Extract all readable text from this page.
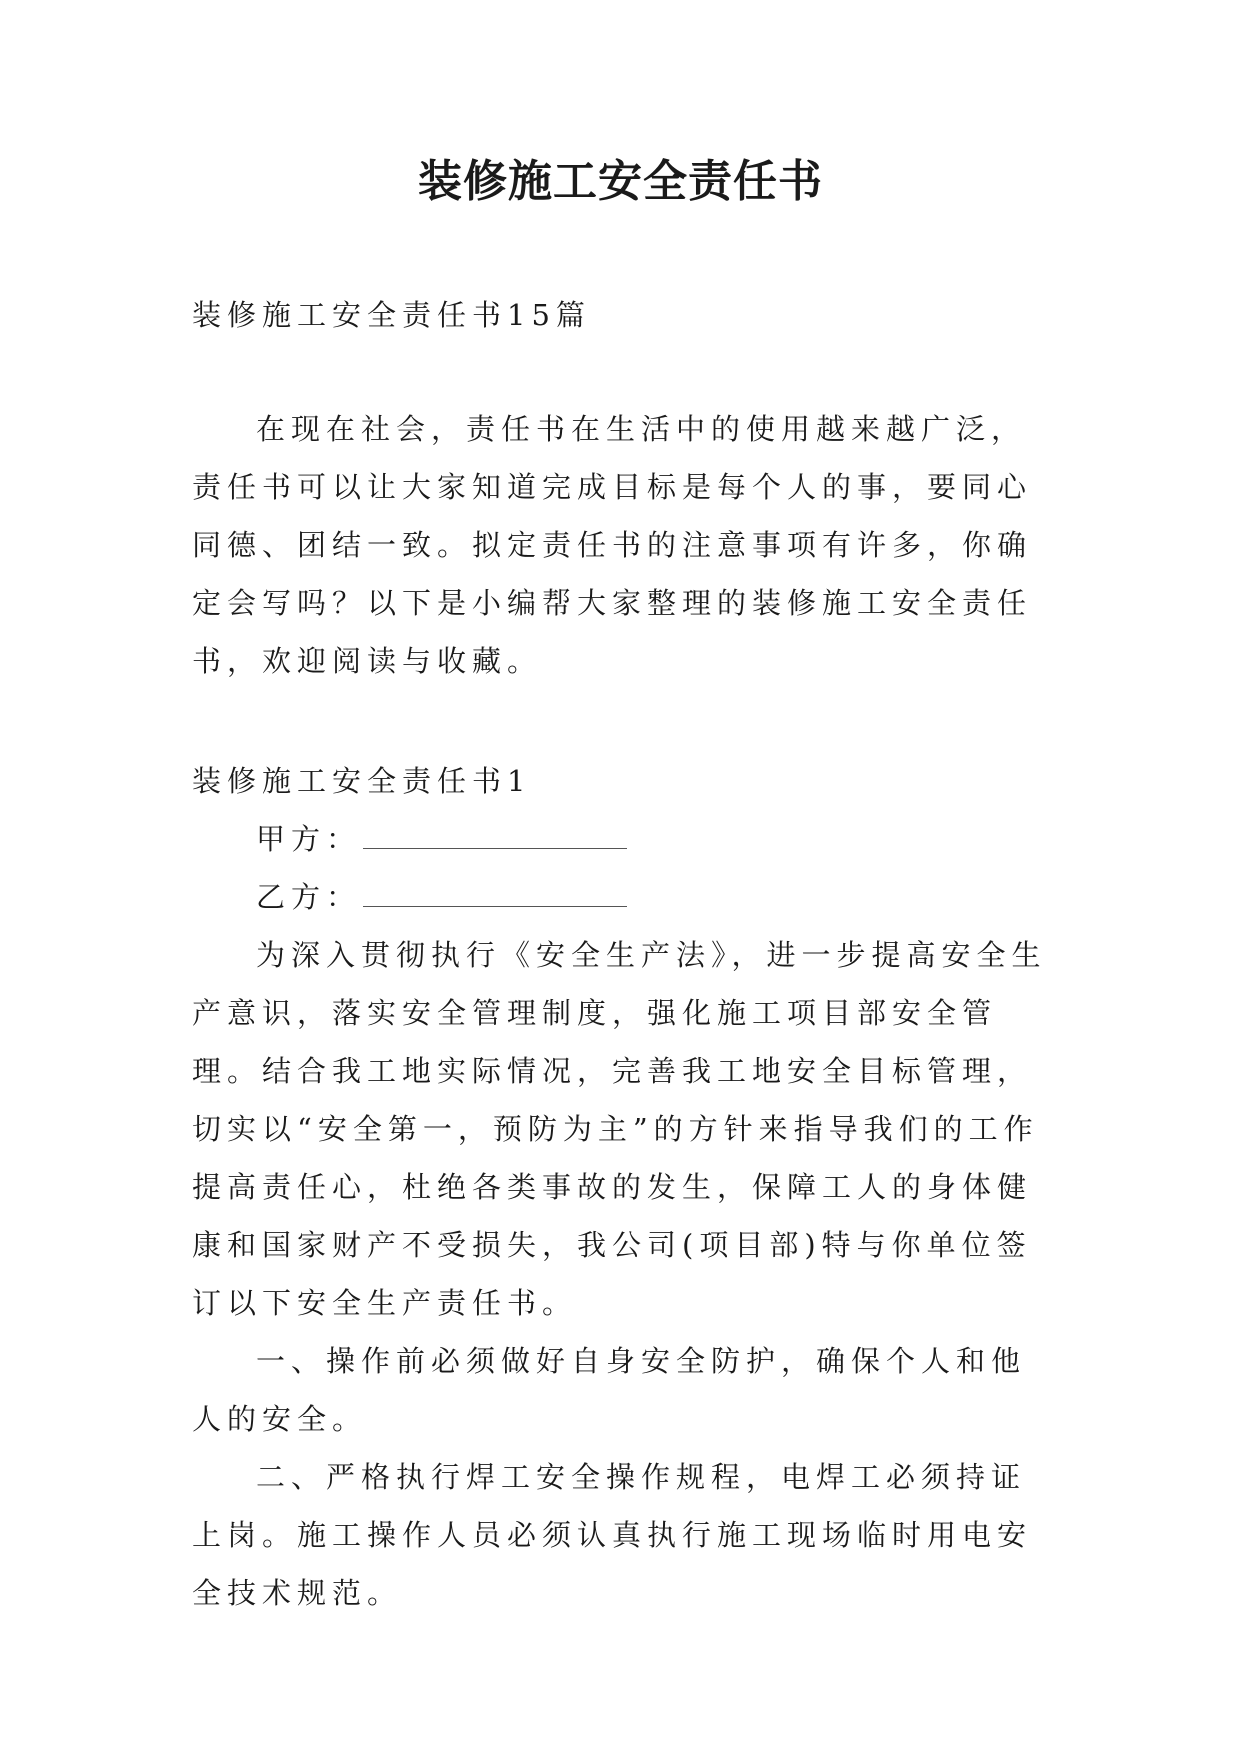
装修施工安全责任书

装修施工安全责任书15篇

在现在社会，责任书在生活中的使用越来越广泛，责任书可以让大家知道完成目标是每个人的事，要同心同德、团结一致。拟定责任书的注意事项有许多，你确定会写吗？以下是小编帮大家整理的装修施工安全责任书，欢迎阅读与收藏。

装修施工安全责任书1

甲方：

乙方：

为深入贯彻执行《安全生产法》，进一步提高安全生产意识，落实安全管理制度，强化施工项目部安全管理。结合我工地实际情况，完善我工地安全目标管理，切实以“安全第一，预防为主”的方针来指导我们的工作提高责任心，杜绝各类事故的发生，保障工人的身体健康和国家财产不受损失，我公司(项目部)特与你单位签订以下安全生产责任书。

一、操作前必须做好自身安全防护，确保个人和他人的安全。

二、严格执行焊工安全操作规程，电焊工必须持证上岗。施工操作人员必须认真执行施工现场临时用电安全技术规范。
